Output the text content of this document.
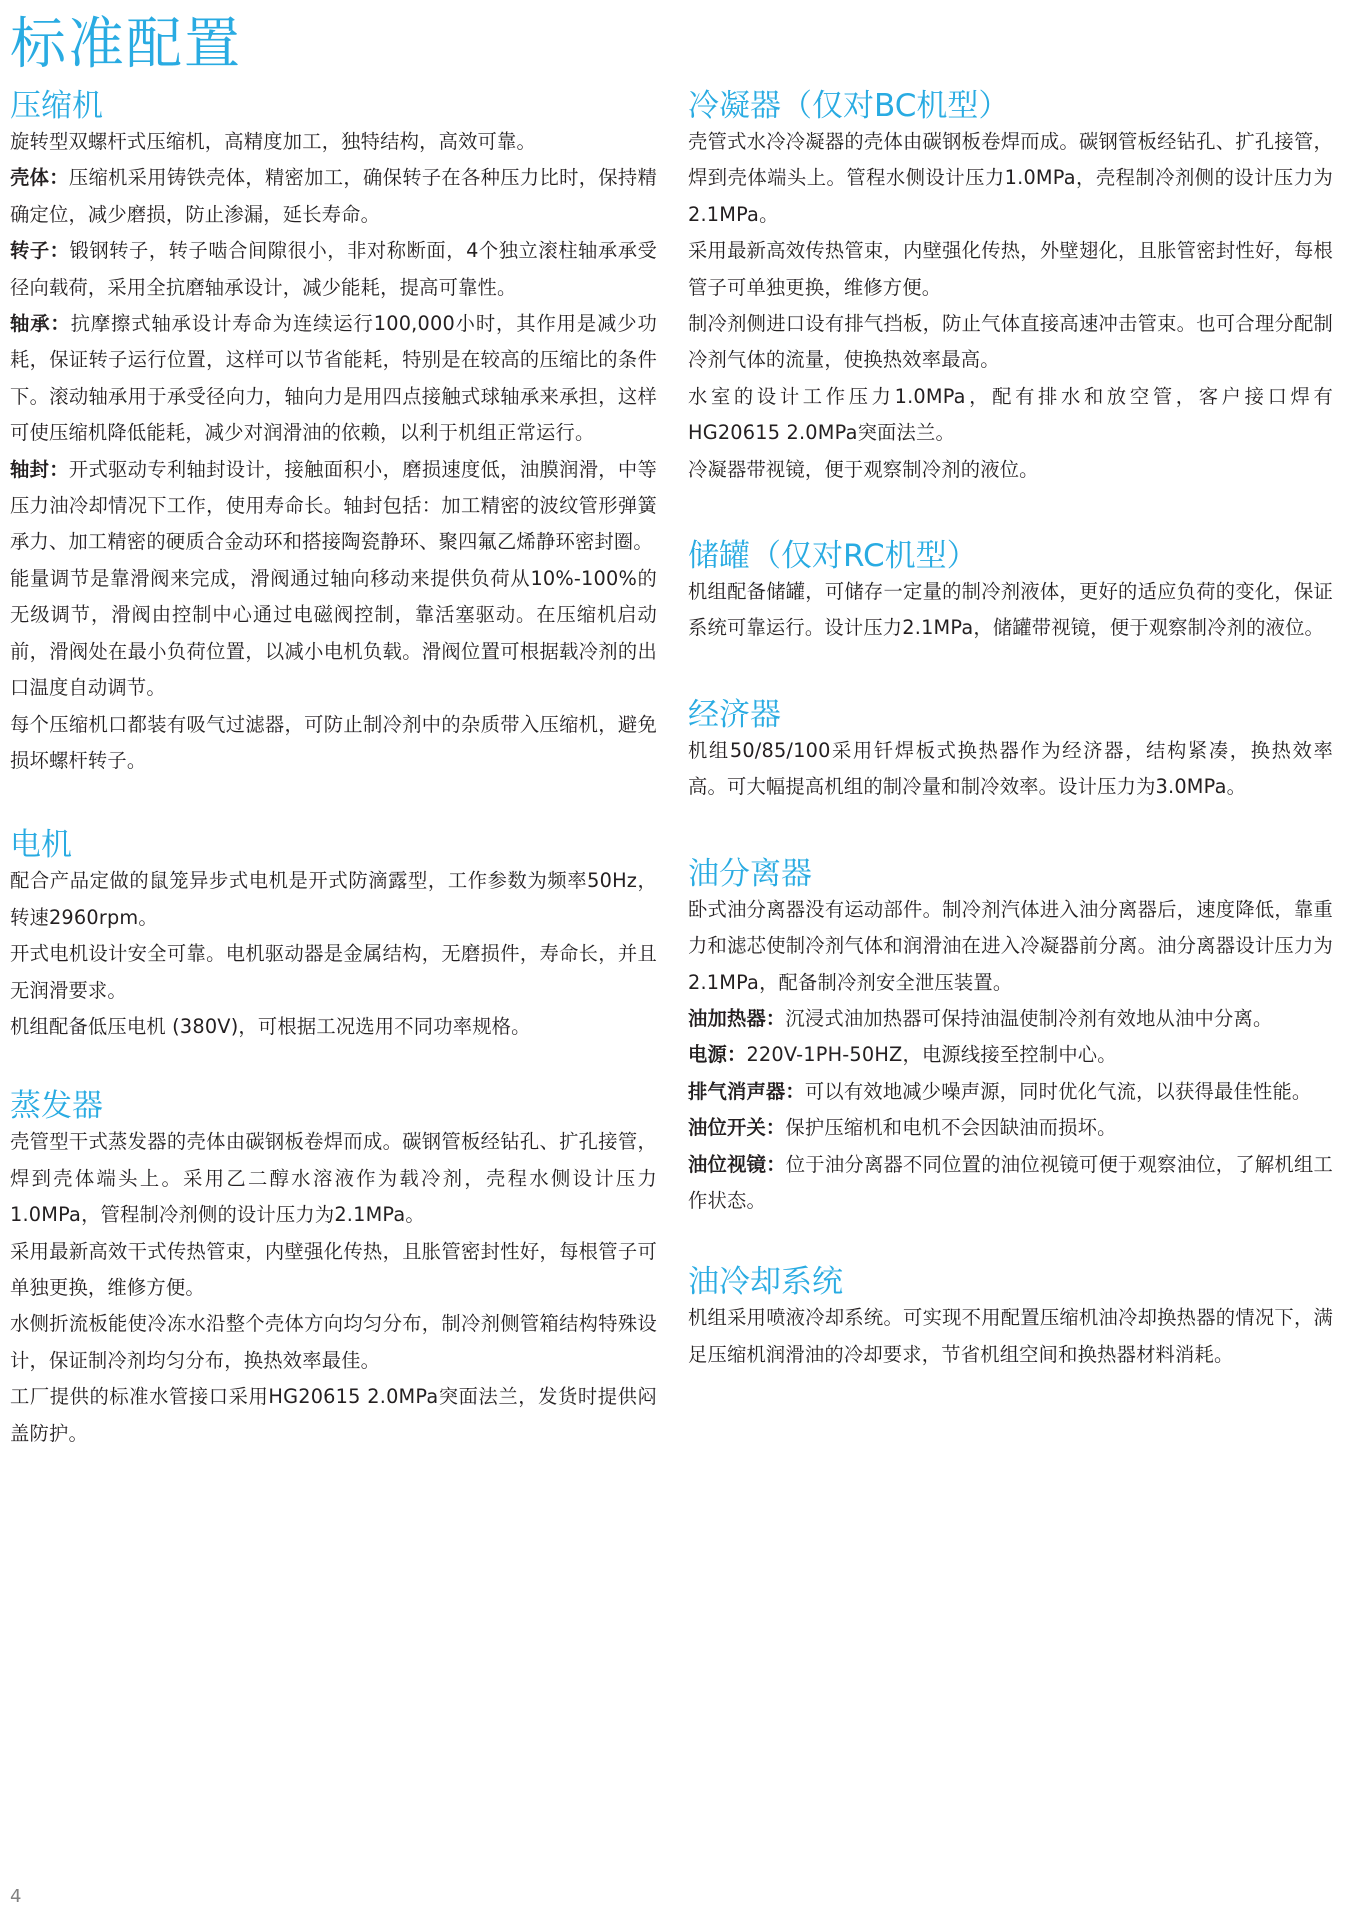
标准配置
压缩机

旋转型双螺杆式压缩机，高精度加工，独特结构，高效可靠。

壳体：压缩机采用铸铁壳体，精密加工，确保转子在各种压力比时，保持精确定位，减少磨损，防止渗漏，延长寿命。

转子：锻钢转子，转子啮合间隙很小，非对称断面，4个独立滚柱轴承承受径向载荷，采用全抗磨轴承设计，减少能耗，提高可靠性。

轴承：抗摩擦式轴承设计寿命为连续运行100,000小时，其作用是减少功耗，保证转子运行位置，这样可以节省能耗，特别是在较高的压缩比的条件下。滚动轴承用于承受径向力，轴向力是用四点接触式球轴承来承担，这样可使压缩机降低能耗，减少对润滑油的依赖，以利于机组正常运行。

轴封：开式驱动专利轴封设计，接触面积小，磨损速度低，油膜润滑，中等压力油冷却情况下工作，使用寿命长。轴封包括：加工精密的波纹管形弹簧承力、加工精密的硬质合金动环和搭接陶瓷静环、聚四氟乙烯静环密封圈。

能量调节是靠滑阀来完成，滑阀通过轴向移动来提供负荷从10%-100%的无级调节，滑阀由控制中心通过电磁阀控制，靠活塞驱动。在压缩机启动前，滑阀处在最小负荷位置，以减小电机负载。滑阀位置可根据载冷剂的出口温度自动调节。

每个压缩机口都装有吸气过滤器，可防止制冷剂中的杂质带入压缩机，避免损坏螺杆转子。

电机

配合产品定做的鼠笼异步式电机是开式防滴露型，工作参数为频率50Hz，转速2960rpm。

开式电机设计安全可靠。电机驱动器是金属结构，无磨损件，寿命长，并且无润滑要求。

机组配备低压电机 (380V)，可根据工况选用不同功率规格。

蒸发器

壳管型干式蒸发器的壳体由碳钢板卷焊而成。碳钢管板经钻孔、扩孔接管，焊到壳体端头上。采用乙二醇水溶液作为载冷剂，壳程水侧设计压力1.0MPa，管程制冷剂侧的设计压力为2.1MPa。

采用最新高效干式传热管束，内壁强化传热，且胀管密封性好，每根管子可单独更换，维修方便。

水侧折流板能使冷冻水沿整个壳体方向均匀分布，制冷剂侧管箱结构特殊设计，保证制冷剂均匀分布，换热效率最佳。

工厂提供的标准水管接口采用HG20615 2.0MPa突面法兰，发货时提供闷盖防护。

冷凝器（仅对BC机型）

壳管式水冷冷凝器的壳体由碳钢板卷焊而成。碳钢管板经钻孔、扩孔接管，焊到壳体端头上。管程水侧设计压力1.0MPa，壳程制冷剂侧的设计压力为2.1MPa。

采用最新高效传热管束，内壁强化传热，外壁翅化，且胀管密封性好，每根管子可单独更换，维修方便。

制冷剂侧进口设有排气挡板，防止气体直接高速冲击管束。也可合理分配制冷剂气体的流量，使换热效率最高。

水室的设计工作压力1.0MPa，配有排水和放空管，客户接口焊有HG20615 2.0MPa突面法兰。

冷凝器带视镜，便于观察制冷剂的液位。

储罐（仅对RC机型）

机组配备储罐，可储存一定量的制冷剂液体，更好的适应负荷的变化，保证系统可靠运行。设计压力2.1MPa，储罐带视镜，便于观察制冷剂的液位。

经济器

机组50/85/100采用钎焊板式换热器作为经济器，结构紧凑，换热效率高。可大幅提高机组的制冷量和制冷效率。设计压力为3.0MPa。

油分离器

卧式油分离器没有运动部件。制冷剂汽体进入油分离器后，速度降低，靠重力和滤芯使制冷剂气体和润滑油在进入冷凝器前分离。油分离器设计压力为2.1MPa，配备制冷剂安全泄压装置。

油加热器：沉浸式油加热器可保持油温使制冷剂有效地从油中分离。

电源：220V-1PH-50HZ，电源线接至控制中心。

排气消声器：可以有效地减少噪声源，同时优化气流，以获得最佳性能。

油位开关：保护压缩机和电机不会因缺油而损坏。

油位视镜：位于油分离器不同位置的油位视镜可便于观察油位，了解机组工作状态。

油冷却系统

机组采用喷液冷却系统。可实现不用配置压缩机油冷却换热器的情况下，满足压缩机润滑油的冷却要求，节省机组空间和换热器材料消耗。

4
